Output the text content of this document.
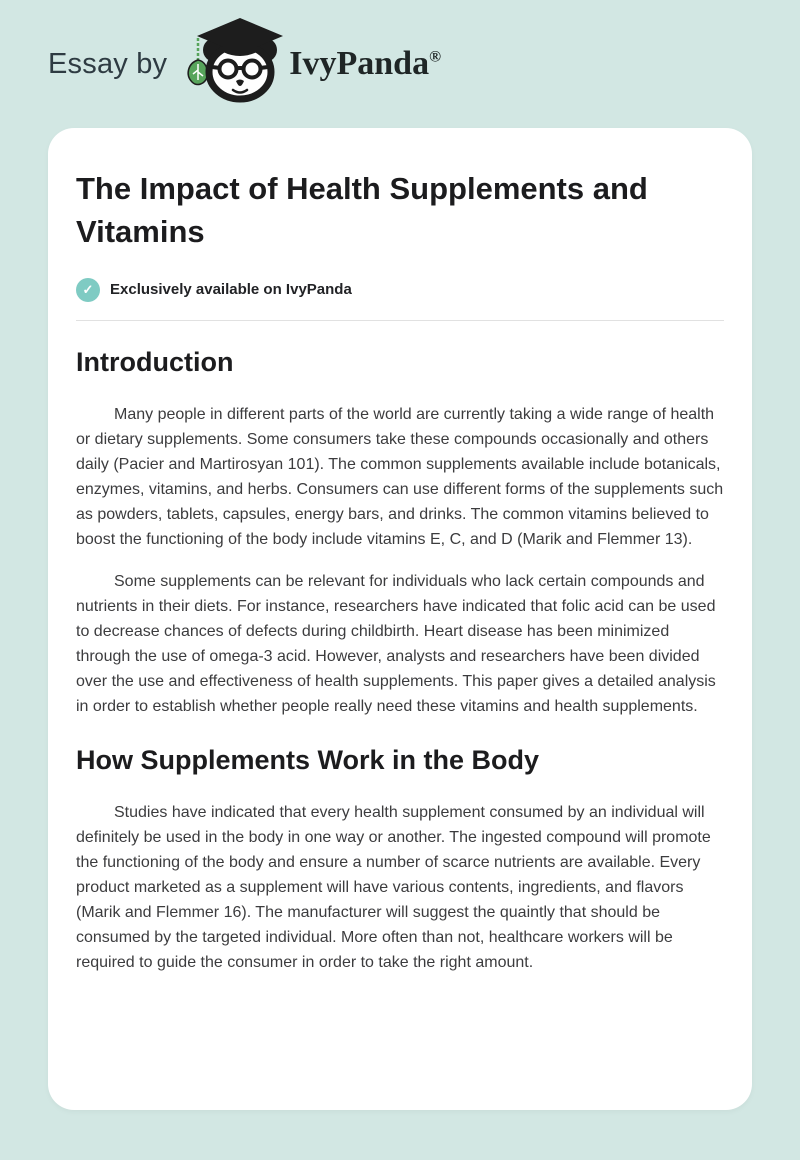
Essay by	IvyPanda®
The Impact of Health Supplements and Vitamins
✓	Exclusively available on IvyPanda
Introduction

Many people in different parts of the world are currently taking a wide range of health or dietary supplements. Some consumers take these compounds occasionally and others daily (Pacier and Martirosyan 101). The common supplements available include botanicals, enzymes, vitamins, and herbs. Consumers can use different forms of the supplements such as powders, tablets, capsules, energy bars, and drinks. The common vitamins believed to boost the functioning of the body include vitamins E, C, and D (Marik and Flemmer 13).

Some supplements can be relevant for individuals who lack certain compounds and nutrients in their diets. For instance, researchers have indicated that folic acid can be used to decrease chances of defects during childbirth. Heart disease has been minimized through the use of omega-3 acid. However, analysts and researchers have been divided over the use and effectiveness of health supplements. This paper gives a detailed analysis in order to establish whether people really need these vitamins and health supplements.

How Supplements Work in the Body

Studies have indicated that every health supplement consumed by an individual will definitely be used in the body in one way or another. The ingested compound will promote the functioning of the body and ensure a number of scarce nutrients are available. Every product marketed as a supplement will have various contents, ingredients, and flavors (Marik and Flemmer 16). The manufacturer will suggest the quaintly that should be consumed by the targeted individual. More often than not, healthcare workers will be required to guide the consumer in order to take the right amount.
